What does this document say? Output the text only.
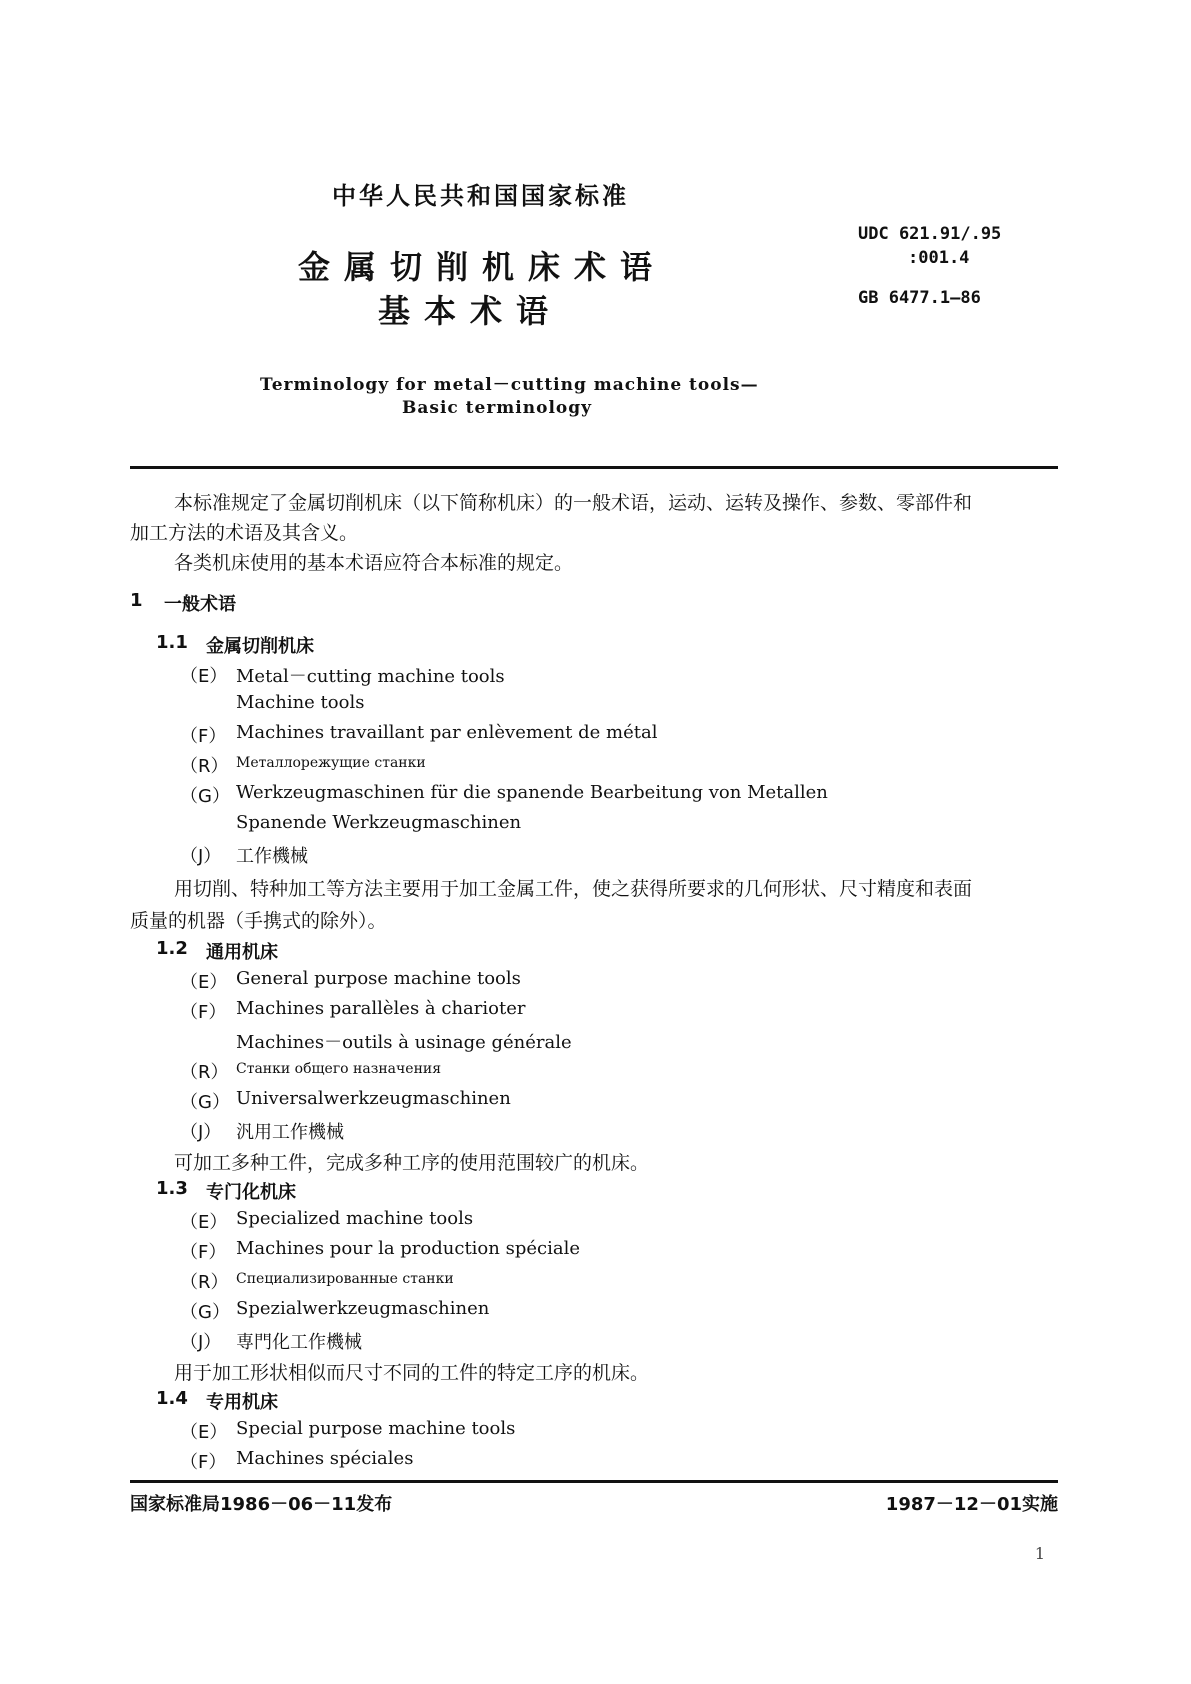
中华人民共和国国家标准
金属切削机床术语
基本术语
UDC 621.91/.95
:001.4
GB 6477.1—86
Terminology for metal－cutting machine tools—
Basic terminology
本标准规定了金属切削机床（以下简称机床）的一般术语，运动、运转及操作、参数、零部件和
加工方法的术语及其含义。
各类机床使用的基本术语应符合本标准的规定。
1 一般术语
1.1 金属切削机床
（E） Metal－cutting machine tools
Machine tools
（F） Machines travaillant par enlèvement de métal
（R） Металлорежущие станки
（G） Werkzeugmaschinen für die spanende Bearbeitung von Metallen
Spanende Werkzeugmaschinen
（J） 工作機械
用切削、特种加工等方法主要用于加工金属工件，使之获得所要求的几何形状、尺寸精度和表面
质量的机器（手携式的除外）。
1.2 通用机床
（E） General purpose machine tools
（F） Machines parallèles à charioter
Machines－outils à usinage générale
（R） Станки общего назначения
（G） Universalwerkzeugmaschinen
（J） 汎用工作機械
可加工多种工件，完成多种工序的使用范围较广的机床。
1.3 专门化机床
（E） Specialized machine tools
（F） Machines pour la production spéciale
（R） Специализированные станки
（G） Spezialwerkzeugmaschinen
（J） 専門化工作機械
用于加工形状相似而尺寸不同的工件的特定工序的机床。
1.4 专用机床
（E） Special purpose machine tools
（F） Machines spéciales
国家标准局1986－06－11发布	1987－12－01实施
1
